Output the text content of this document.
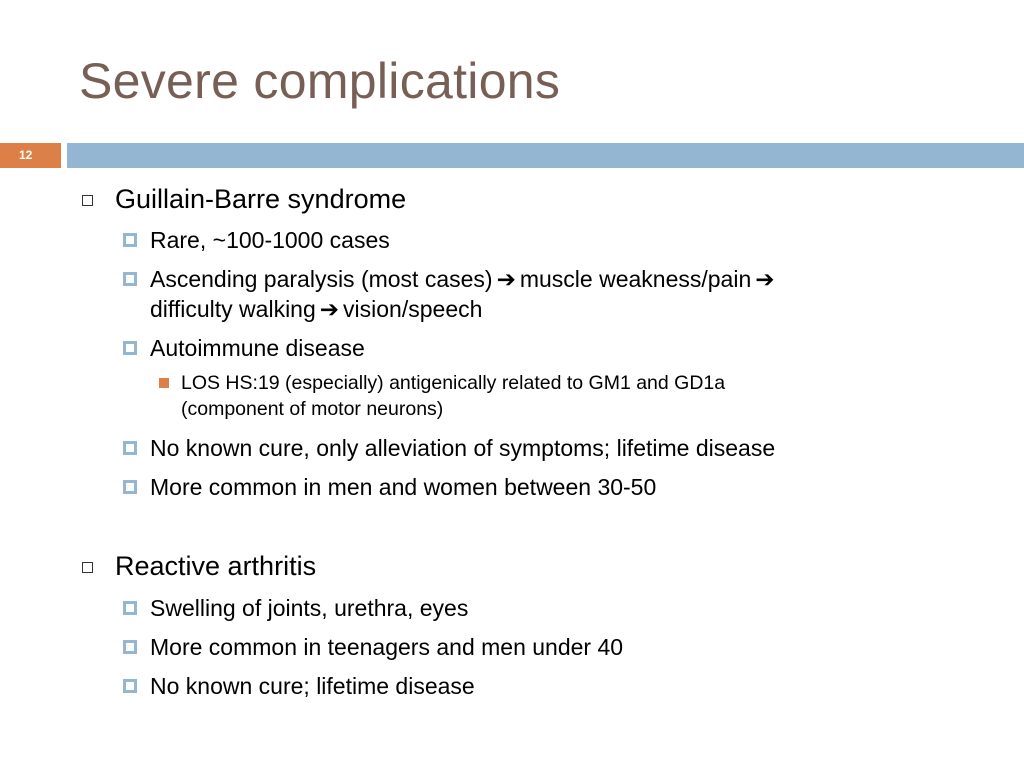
Severe complications
12
Guillain-Barre syndrome
Rare, ~100-1000 cases
Ascending paralysis (most cases) ➔ muscle weakness/pain ➔
difficulty walking ➔ vision/speech
Autoimmune disease
LOS HS:19 (especially) antigenically related to GM1 and GD1a
(component of motor neurons)
No known cure, only alleviation of symptoms; lifetime disease
More common in men and women between 30-50
Reactive arthritis
Swelling of joints, urethra, eyes
More common in teenagers and men under 40
No known cure; lifetime disease
